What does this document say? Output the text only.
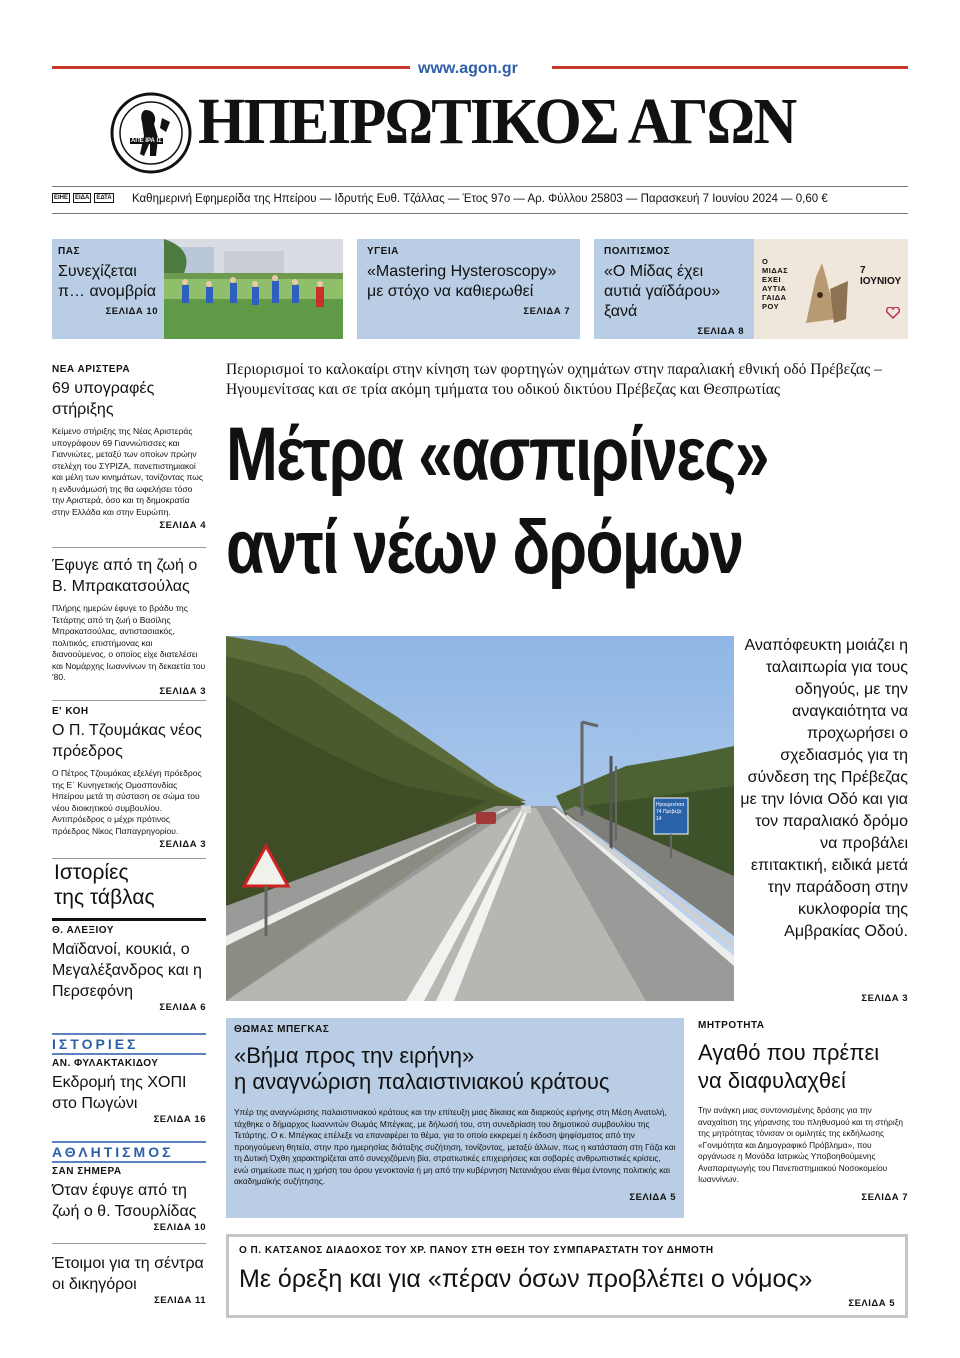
www.agon.gr
ΑΠΕ ΙΡΑ ΙΣ ΗΠΕΙΡΩΤΙΚΟΣ ΑΓΩΝ
ΕΙΗΕ	ΕΙΔΑ	ΕΔΤΑ Καθημερινή Εφημερίδα της Ηπείρου — Ιδρυτής Ευθ. Τζάλλας — Έτος 97ο — Αρ. Φύλλου 25803 — Παρασκευή 7 Ιουνίου 2024 — 0,60 €
ΠΑΣ
Συνεχίζεται π… ανομβρία
ΣΕΛΙΔΑ 10
ΥΓΕΙΑ
«Mastering Hysteroscopy» με στόχο να καθιερωθεί
ΣΕΛΙΔΑ 7
ΠΟΛΙΤΙΣΜΟΣ
«Ο Μίδας έχει αυτιά γαϊδάρου» ξανά
ΣΕΛΙΔΑ 8
Ο ΜΙΔΑΣ ΕΧΕΙ ΑΥΤΙΑ ΓΑΙΔΑ ΡΟΥ
7 ΙΟΥΝΙΟΥ
ΝΕΑ ΑΡΙΣΤΕΡΑ
69 υπογραφές στήριξης

Κείμενο στήριξης της Νέας Αριστεράς υπογράφουν 69 Γιαννιώτισσες και Γιαννιώτες, μεταξύ των οποίων πρώην στελέχη του ΣΥΡΙΖΑ, πανεπιστημιακοί και μέλη των κινημάτων, τονίζοντας πως η ενδυνάμωσή της θα ωφελήσει τόσο την Αριστερά, όσο και τη δημοκρατία στην Ελλάδα και στην Ευρώπη.

ΣΕΛΙΔΑ 4
Έφυγε από τη ζωή ο Β. Μπρακατσούλας

Πλήρης ημερών έφυγε το βράδυ της Τετάρτης από τη ζωή ο Βασίλης Μπρακατσούλας, αντιστασιακός, πολιτικός, επιστήμονας και διανοούμενος, ο οποίος είχε διατελέσει και Νομάρχης Ιωαννίνων τη δεκαετία του '80.

ΣΕΛΙΔΑ 3
Ε' ΚΟΗ
Ο Π. Τζουμάκας νέος πρόεδρος

Ο Πέτρος Τζουμάκας εξελέγη πρόεδρος της Ε΄ Κυνηγετικής Ομοσπονδίας Ηπείρου μετά τη σύσταση σε σώμα του νέου διοικητικού συμβουλίου. Αντιπρόεδρος ο μέχρι πρότινος πρόεδρος Νίκος Παπαγρηγορίου.

ΣΕΛΙΔΑ 3
Ιστορίες
της τάβλας
Θ. ΑΛΕΞΙΟΥ
Μαϊδανοί, κουκιά, ο Μεγαλέξανδρος και η Περσεφόνη
ΣΕΛΙΔΑ 6
ΙΣΤΟΡΙΕΣ
ΑΝ. ΦΥΛΑΚΤΑΚΙΔΟΥ
Εκδρομή της ΧΟΠΙ στο Πωγώνι
ΣΕΛΙΔΑ 16
ΑΘΛΗΤΙΣΜΟΣ
ΣΑΝ ΣΗΜΕΡΑ
Όταν έφυγε από τη ζωή ο θ. Τσουρλίδας
ΣΕΛΙΔΑ 10
Έτοιμοι για τη σέντρα οι δικηγόροι
ΣΕΛΙΔΑ 11
Περιορισμοί το καλοκαίρι στην κίνηση των φορτηγών οχημάτων στην παραλιακή εθνική οδό Πρέβεζας – Ηγουμενίτσας και σε τρία ακόμη τμήματα του οδικού δικτύου Πρέβεζας και Θεσπρωτίας
Μέτρα «ασπιρίνες»
αντί νέων δρόμων
Ηγουμενίτσα 74 Πρέβεζα 14
Αναπόφευκτη μοιάζει η ταλαιπωρία για τους οδηγούς, με την αναγκαιότητα να προχωρήσει ο σχεδιασμός για τη σύνδεση της Πρέβεζας με την Ιόνια Οδό και για τον παραλιακό δρόμο να προβάλει επιτακτική, ειδικά μετά την παράδοση στην κυκλοφορία της Αμβρακίας Οδού.
ΣΕΛΙΔΑ 3
ΘΩΜΑΣ ΜΠΕΓΚΑΣ
«Βήμα προς την ειρήνη»
η αναγνώριση παλαιστινιακού κράτους

Υπέρ της αναγνώρισης παλαιστινιακού κράτους και την επίτευξη μιας δίκαιας και διαρκούς ειρήνης στη Μέση Ανατολή, τάχθηκε ο δήμαρχος Ιωαννιτών Θωμάς Μπέγκας, με δήλωσή του, στη συνεδρίαση του δημοτικού συμβουλίου της Τετάρτης. Ο κ. Μπέγκας επέλεξε να επαναφέρει το θέμα, για το οποίο εκκρεμεί η έκδοση ψηφίσματος από την προηγούμενη θητεία, στην προ ημερησίας διάταξης συζήτηση, τονίζοντας, μεταξύ άλλων, πως η κατάσταση στη Γάζα και τη Δυτική Όχθη χαρακτηρίζεται από συνεχιζόμενη βία, στρατιωτικές επιχειρήσεις και σοβαρές ανθρωπιστικές κρίσεις, ενώ σημείωσε πως η χρήση του όρου γενοκτονία ή μη από την κυβέρνηση Νετανιάχου είναι θέμα έντονης πολιτικής και ακαδημαϊκής συζήτησης.

ΣΕΛΙΔΑ 5
ΜΗΤΡΟΤΗΤΑ
Αγαθό που πρέπει να διαφυλαχθεί

Την ανάγκη μιας συντονισμένης δράσης για την αναχαίτιση της γήρανσης του πληθυσμού και τη στήριξη της μητρότητας τόνισαν οι ομιλητές της εκδήλωσης «Γονιμότητα και Δημογραφικό Πρόβλημα», που οργάνωσε η Μονάδα Ιατρικώς Υποβοηθούμενης Αναπαραγωγής του Πανεπιστημιακού Νοσοκομείου Ιωαννίνων.

ΣΕΛΙΔΑ 7
Ο Π. ΚΑΤΣΑΝΟΣ ΔΙΑΔΟΧΟΣ ΤΟΥ ΧΡ. ΠΑΝΟΥ ΣΤΗ ΘΕΣΗ ΤΟΥ ΣΥΜΠΑΡΑΣΤΑΤΗ ΤΟΥ ΔΗΜΟΤΗ
Με όρεξη και για «πέραν όσων προβλέπει ο νόμος»
ΣΕΛΙΔΑ 5
